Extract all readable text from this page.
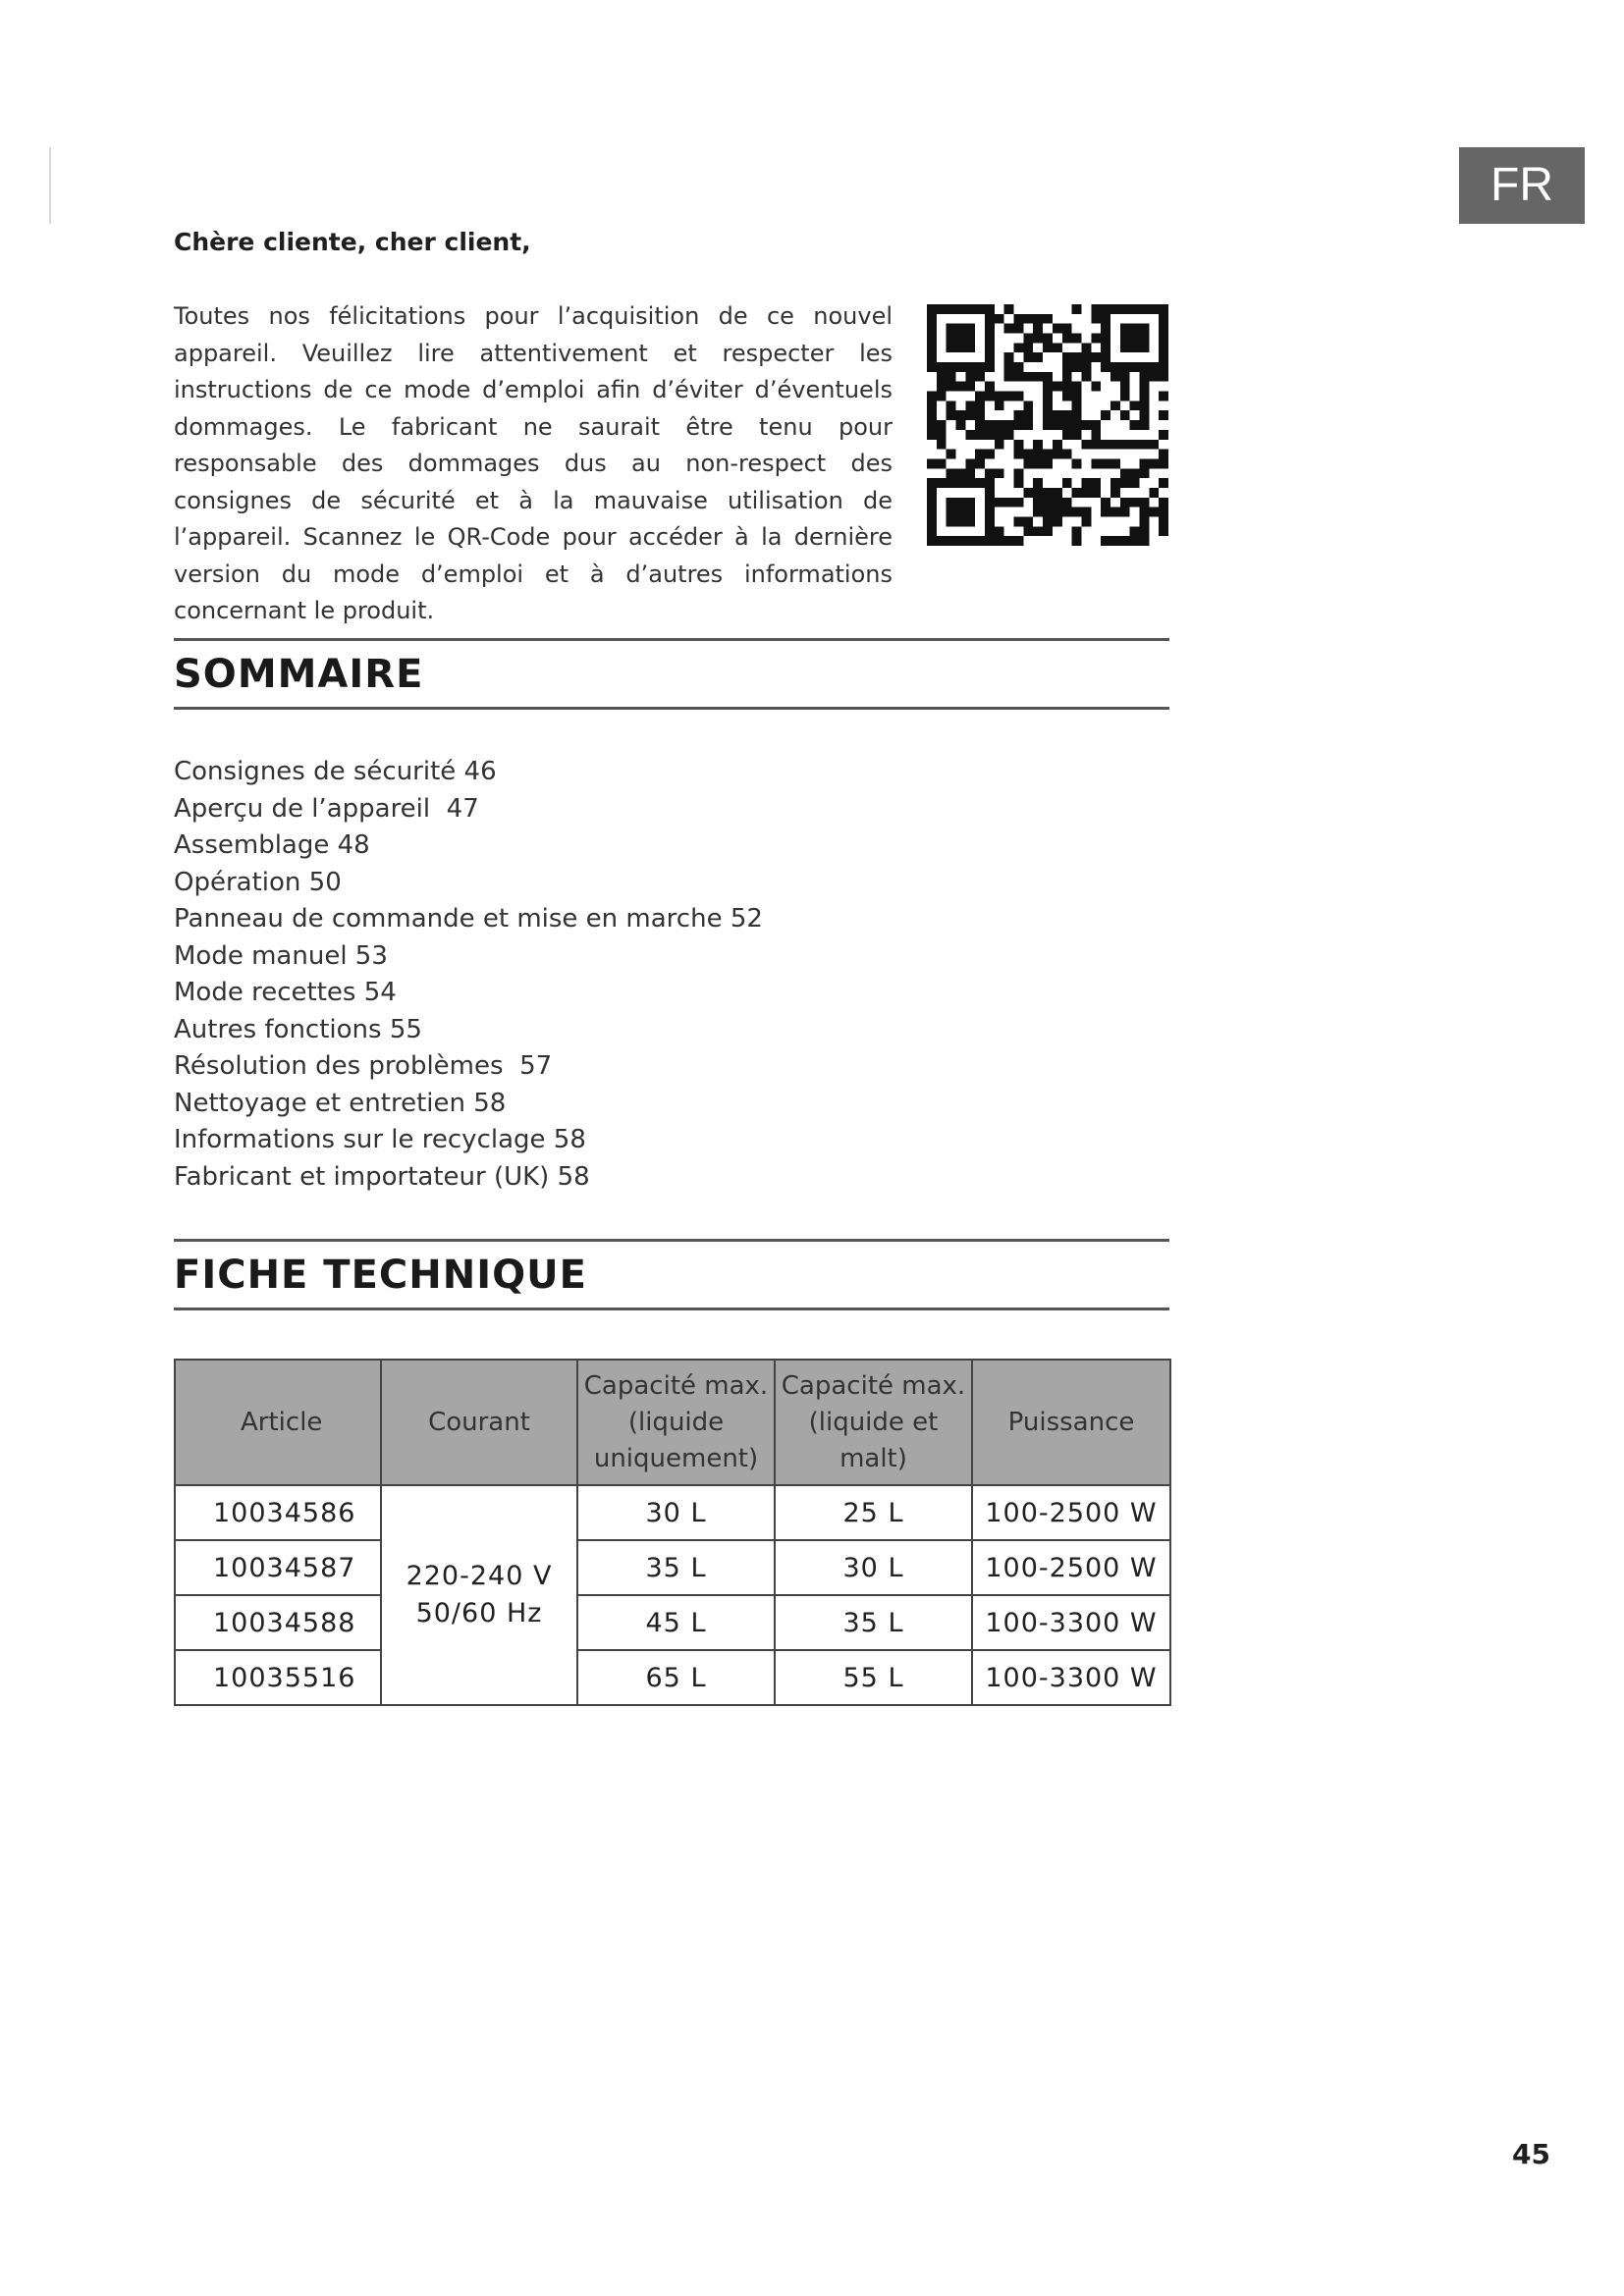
FR
Chère cliente, cher client,

Toutes nos félicitations pour l’acquisition de ce nouvel appareil. Veuillez lire attentivement et respecter les instructions de ce mode d’emploi afin d’éviter d’éventuels dommages. Le fabricant ne saurait être tenu pour responsable des dommages dus au non-respect des consignes de sécurité et à la mauvaise utilisation de l’appareil. Scannez le QR-Code pour accéder à la dernière version du mode d’emploi et à d’autres informations concernant le produit.

SOMMAIRE
Consignes de sécurité 46
Aperçu de l’appareil  47
Assemblage 48
Opération 50
Panneau de commande et mise en marche 52
Mode manuel 53
Mode recettes 54
Autres fonctions 55
Résolution des problèmes  57
Nettoyage et entretien 58
Informations sur le recyclage 58
Fabricant et importateur (UK) 58
FICHE TECHNIQUE
Article	Courant	Capacité max. (liquide uniquement)	Capacité max. (liquide et malt)	Puissance
10034586	220-240 V 50/60 Hz	30 L	25 L	100-2500 W
10034587		35 L	30 L	100-2500 W
10034588		45 L	35 L	100-3300 W
10035516		65 L	55 L	100-3300 W
45
